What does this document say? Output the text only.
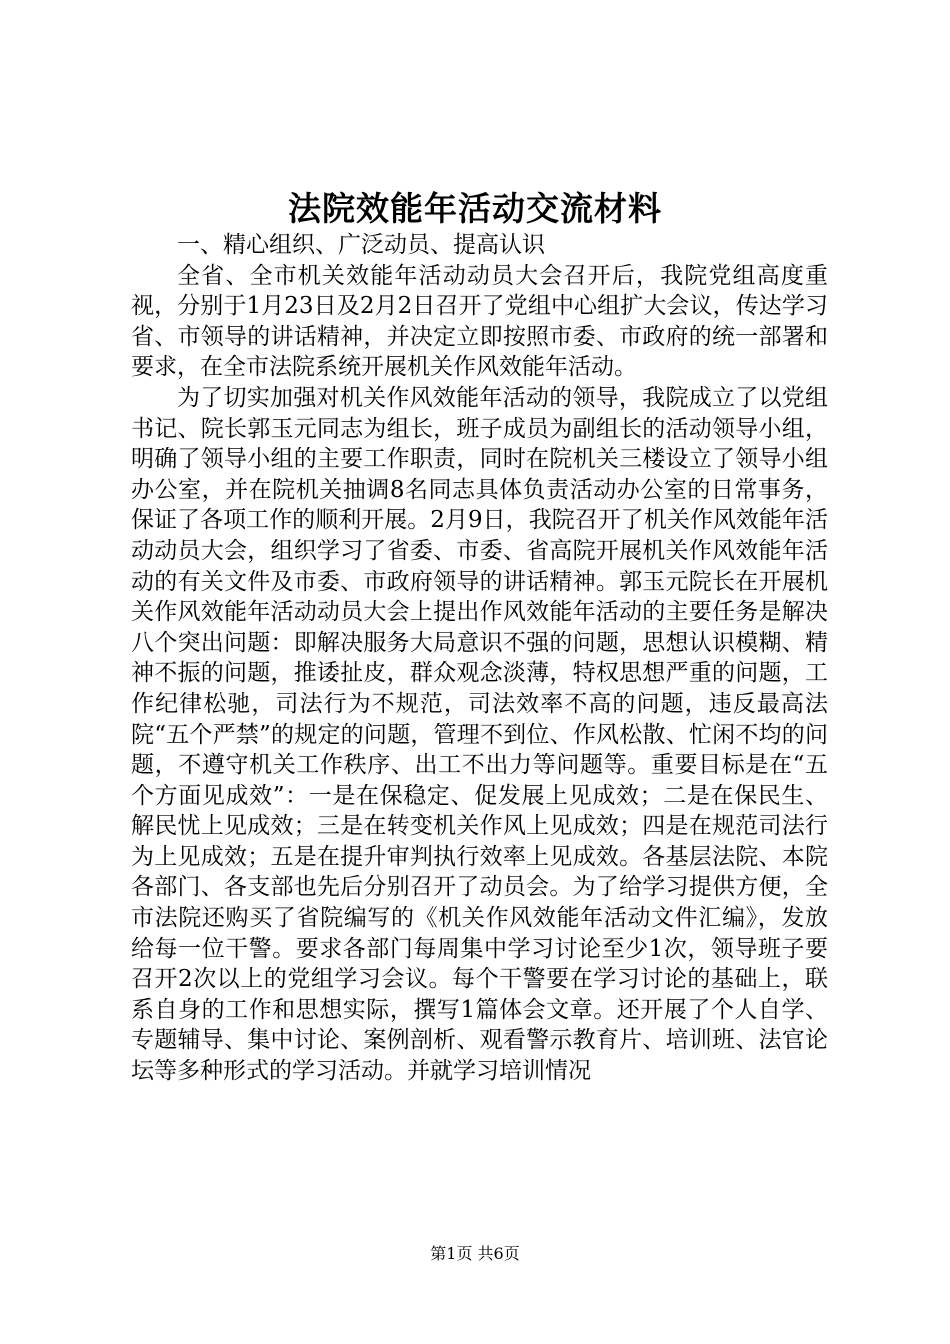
法院效能年活动交流材料

一、精心组织、广泛动员、提高认识

全省、全市机关效能年活动动员大会召开后，我院党组高度重视，分别于1月23日及2月2日召开了党组中心组扩大会议，传达学习省、市领导的讲话精神，并决定立即按照市委、市政府的统一部署和要求，在全市法院系统开展机关作风效能年活动。

为了切实加强对机关作风效能年活动的领导，我院成立了以党组书记、院长郭玉元同志为组长，班子成员为副组长的活动领导小组，明确了领导小组的主要工作职责，同时在院机关三楼设立了领导小组办公室，并在院机关抽调8名同志具体负责活动办公室的日常事务，保证了各项工作的顺利开展。2月9日，我院召开了机关作风效能年活动动员大会，组织学习了省委、市委、省高院开展机关作风效能年活动的有关文件及市委、市政府领导的讲话精神。郭玉元院长在开展机关作风效能年活动动员大会上提出作风效能年活动的主要任务是解决八个突出问题：即解决服务大局意识不强的问题，思想认识模糊、精神不振的问题，推诿扯皮，群众观念淡薄，特权思想严重的问题，工作纪律松驰，司法行为不规范，司法效率不高的问题，违反最高法院“五个严禁”的规定的问题，管理不到位、作风松散、忙闲不均的问题，不遵守机关工作秩序、出工不出力等问题等。重要目标是在“五个方面见成效”：一是在保稳定、促发展上见成效；二是在保民生、解民忧上见成效；三是在转变机关作风上见成效；四是在规范司法行为上见成效；五是在提升审判执行效率上见成效。各基层法院、本院各部门、各支部也先后分别召开了动员会。为了给学习提供方便，全市法院还购买了省院编写的《机关作风效能年活动文件汇编》，发放给每一位干警。要求各部门每周集中学习讨论至少1次，领导班子要召开2次以上的党组学习会议。每个干警要在学习讨论的基础上，联系自身的工作和思想实际，撰写1篇体会文章。还开展了个人自学、专题辅导、集中讨论、案例剖析、观看警示教育片、培训班、法官论坛等多种形式的学习活动。并就学习培训情况

第1页 共6页
